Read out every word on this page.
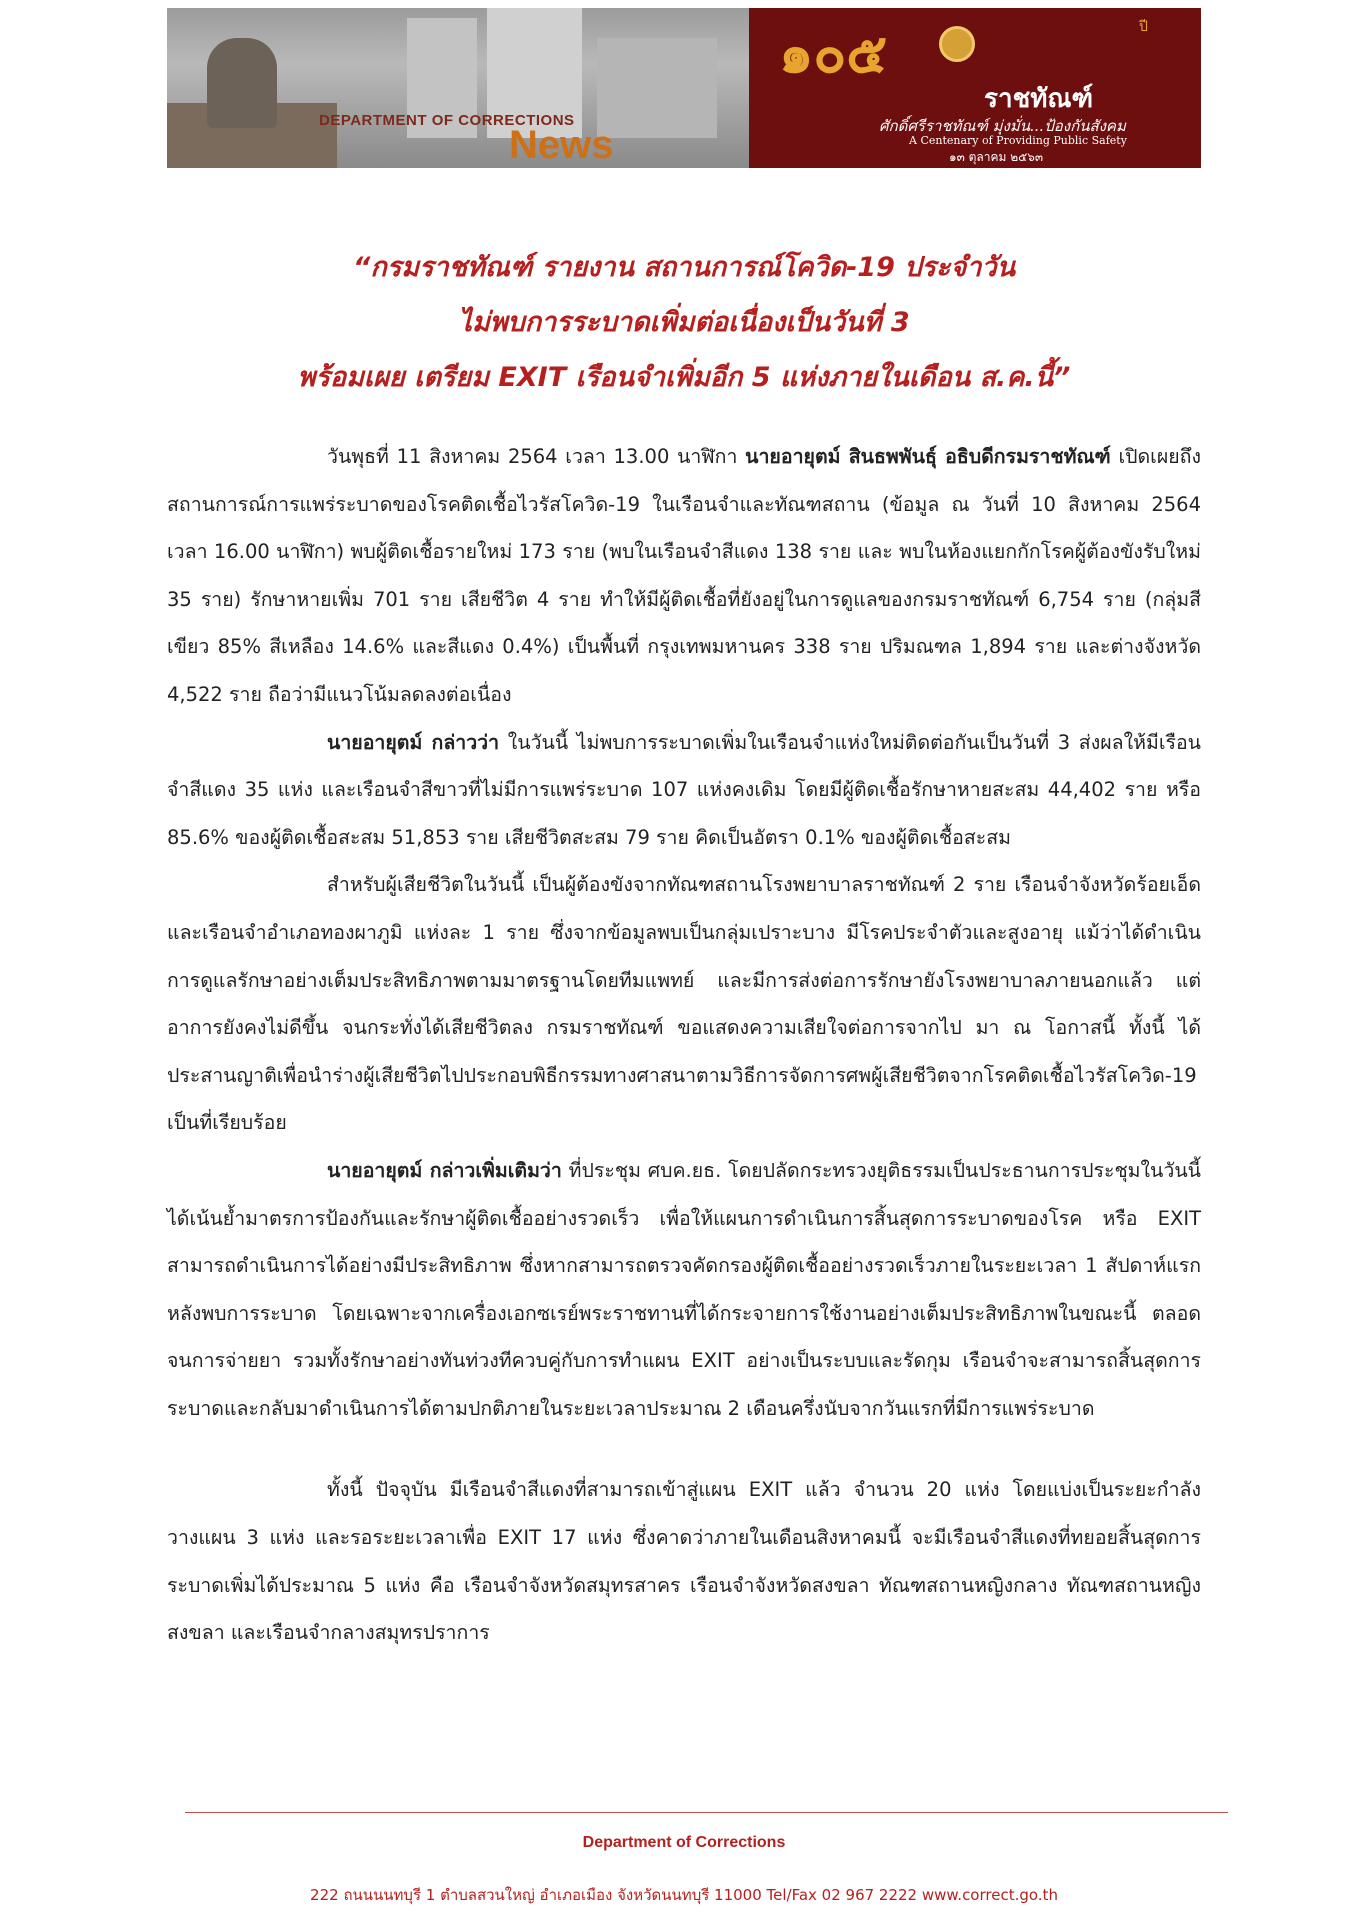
DEPARTMENT OF CORRECTIONS
News
๑๐๕	ปี
ราชทัณฑ์
ศักดิ์ศรีราชทัณฑ์ มุ่งมั่น...ป้องกันสังคม
A Centenary of Providing Public Safety
๑๓ ตุลาคม ๒๕๖๓
“กรมราชทัณฑ์ รายงาน สถานการณ์โควิด-19 ประจำวัน
ไม่พบการระบาดเพิ่มต่อเนื่องเป็นวันที่ 3
พร้อมเผย เตรียม EXIT เรือนจำเพิ่มอีก 5 แห่งภายในเดือน ส.ค.นี้”

วันพุธที่ 11 สิงหาคม 2564 เวลา 13.00 นาฬิกา นายอายุตม์ สินธพพันธุ์ อธิบดีกรมราชทัณฑ์ เปิดเผยถึงสถานการณ์การแพร่ระบาดของโรคติดเชื้อไวรัสโควิด-19 ในเรือนจำและทัณฑสถาน (ข้อมูล ณ วันที่ 10 สิงหาคม 2564 เวลา 16.00 นาฬิกา) พบผู้ติดเชื้อรายใหม่ 173 ราย (พบในเรือนจำสีแดง 138 ราย และ พบในห้องแยกกักโรคผู้ต้องขังรับใหม่ 35 ราย) รักษาหายเพิ่ม 701 ราย เสียชีวิต 4 ราย ทำให้มีผู้ติดเชื้อที่ยังอยู่ในการดูแลของกรมราชทัณฑ์ 6,754 ราย (กลุ่มสีเขียว 85% สีเหลือง 14.6% และสีแดง 0.4%) เป็นพื้นที่ กรุงเทพมหานคร 338 ราย ปริมณฑล 1,894 ราย และต่างจังหวัด 4,522 ราย ถือว่ามีแนวโน้มลดลงต่อเนื่อง

นายอายุตม์ กล่าวว่า ในวันนี้ ไม่พบการระบาดเพิ่มในเรือนจำแห่งใหม่ติดต่อกันเป็นวันที่ 3 ส่งผลให้มีเรือนจำสีแดง 35 แห่ง และเรือนจำสีขาวที่ไม่มีการแพร่ระบาด 107 แห่งคงเดิม โดยมีผู้ติดเชื้อรักษาหายสะสม 44,402 ราย หรือ 85.6% ของผู้ติดเชื้อสะสม 51,853 ราย เสียชีวิตสะสม 79 ราย คิดเป็นอัตรา 0.1% ของผู้ติดเชื้อสะสม

สำหรับผู้เสียชีวิตในวันนี้ เป็นผู้ต้องขังจากทัณฑสถานโรงพยาบาลราชทัณฑ์ 2 ราย เรือนจำจังหวัดร้อยเอ็ดและเรือนจำอำเภอทองผาภูมิ แห่งละ 1 ราย ซึ่งจากข้อมูลพบเป็นกลุ่มเปราะบาง มีโรคประจำตัวและสูงอายุ แม้ว่าได้ดำเนินการดูแลรักษาอย่างเต็มประสิทธิภาพตามมาตรฐานโดยทีมแพทย์ และมีการส่งต่อการรักษายังโรงพยาบาลภายนอกแล้ว แต่อาการยังคงไม่ดีขึ้น จนกระทั่งได้เสียชีวิตลง กรมราชทัณฑ์ ขอแสดงความเสียใจต่อการจากไป มา ณ โอกาสนี้ ทั้งนี้ ได้ประสานญาติเพื่อนำร่างผู้เสียชีวิตไปประกอบพิธีกรรมทางศาสนาตามวิธีการจัดการศพผู้เสียชีวิตจากโรคติดเชื้อไวรัสโควิด-19 เป็นที่เรียบร้อย

นายอายุตม์ กล่าวเพิ่มเติมว่า ที่ประชุม ศบค.ยธ. โดยปลัดกระทรวงยุติธรรมเป็นประธานการประชุมในวันนี้ ได้เน้นย้ำมาตรการป้องกันและรักษาผู้ติดเชื้ออย่างรวดเร็ว เพื่อให้แผนการดำเนินการสิ้นสุดการระบาดของโรค หรือ EXIT สามารถดำเนินการได้อย่างมีประสิทธิภาพ ซึ่งหากสามารถตรวจคัดกรองผู้ติดเชื้ออย่างรวดเร็วภายในระยะเวลา 1 สัปดาห์แรกหลังพบการระบาด โดยเฉพาะจากเครื่องเอกซเรย์พระราชทานที่ได้กระจายการใช้งานอย่างเต็มประสิทธิภาพในขณะนี้ ตลอดจนการจ่ายยา รวมทั้งรักษาอย่างทันท่วงทีควบคู่กับการทำแผน EXIT อย่างเป็นระบบและรัดกุม เรือนจำจะสามารถสิ้นสุดการระบาดและกลับมาดำเนินการได้ตามปกติภายในระยะเวลาประมาณ 2 เดือนครึ่งนับจากวันแรกที่มีการแพร่ระบาด

ทั้งนี้ ปัจจุบัน มีเรือนจำสีแดงที่สามารถเข้าสู่แผน EXIT แล้ว จำนวน 20 แห่ง โดยแบ่งเป็นระยะกำลังวางแผน 3 แห่ง และรอระยะเวลาเพื่อ EXIT 17 แห่ง ซึ่งคาดว่าภายในเดือนสิงหาคมนี้ จะมีเรือนจำสีแดงที่ทยอยสิ้นสุดการระบาดเพิ่มได้ประมาณ 5 แห่ง คือ เรือนจำจังหวัดสมุทรสาคร เรือนจำจังหวัดสงขลา ทัณฑสถานหญิงกลาง ทัณฑสถานหญิงสงขลา และเรือนจำกลางสมุทรปราการ

Department of Corrections
222 ถนนนนทบุรี 1 ตำบลสวนใหญ่ อำเภอเมือง จังหวัดนนทบุรี 11000 Tel/Fax 02 967 2222 www.correct.go.th
